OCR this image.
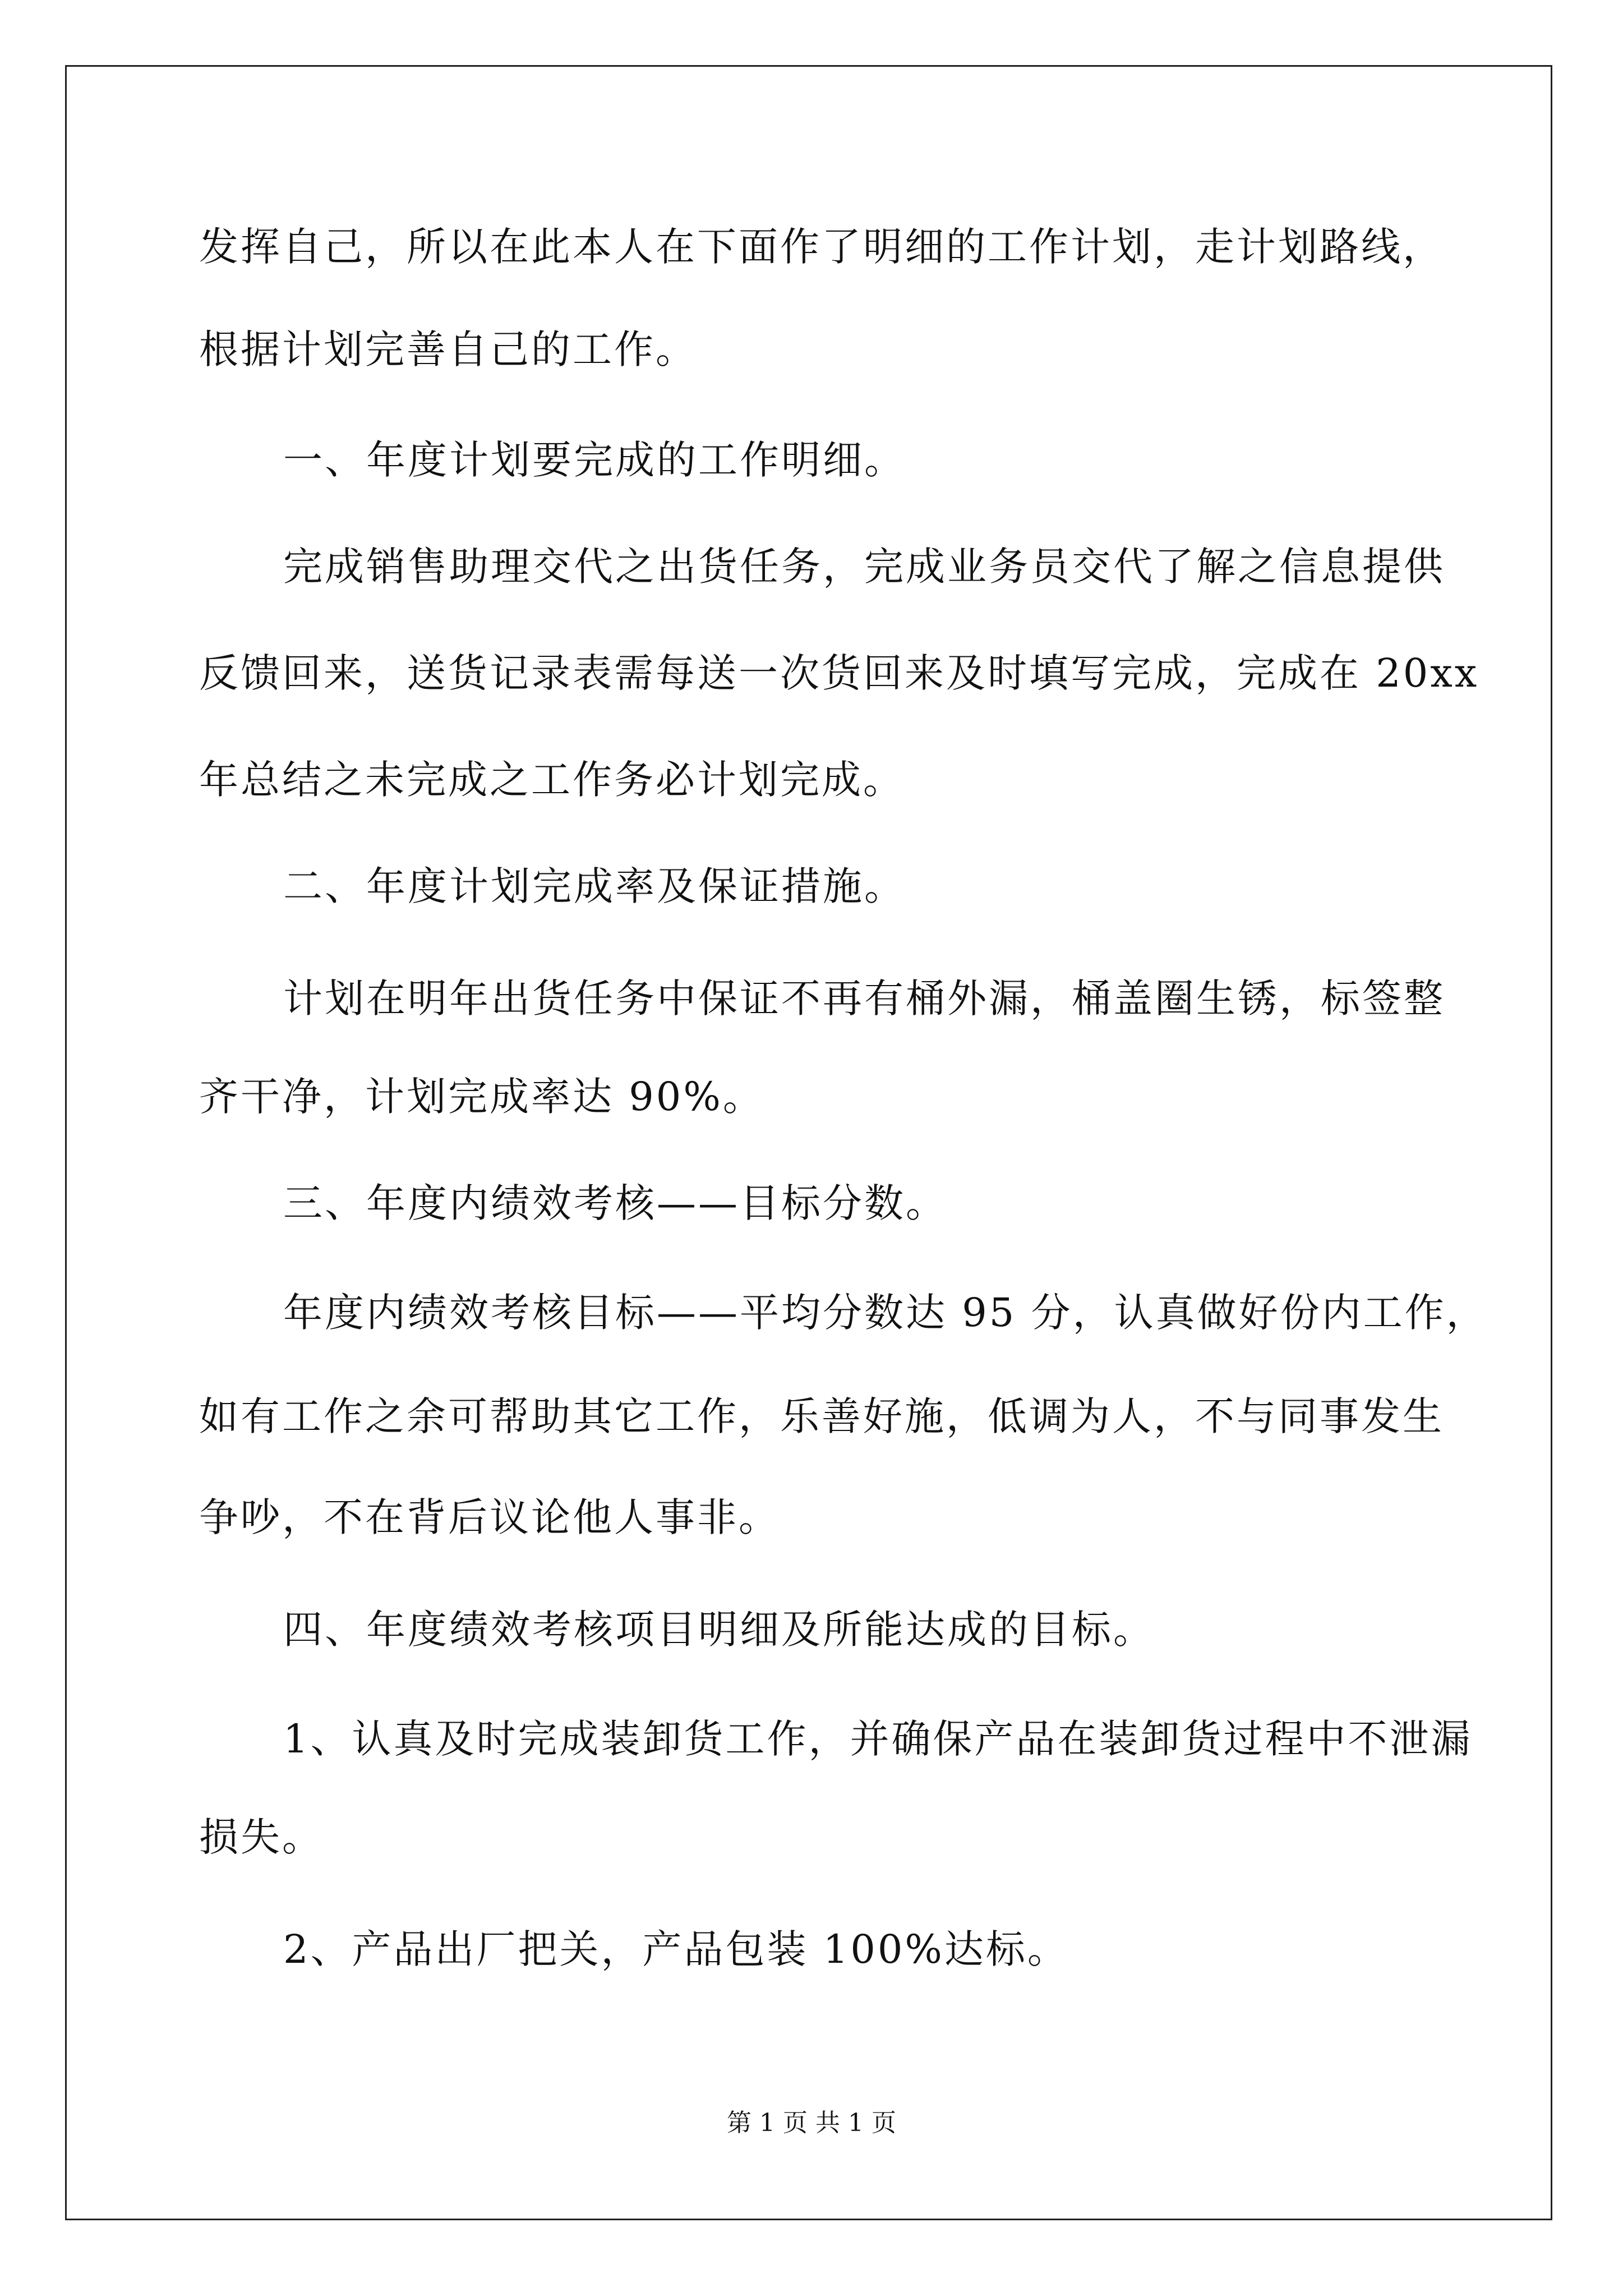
发挥自己，所以在此本人在下面作了明细的工作计划，走计划路线，
根据计划完善自己的工作。
一、年度计划要完成的工作明细。
完成销售助理交代之出货任务，完成业务员交代了解之信息提供
反馈回来，送货记录表需每送一次货回来及时填写完成，完成在 20xx
年总结之未完成之工作务必计划完成。
二、年度计划完成率及保证措施。
计划在明年出货任务中保证不再有桶外漏，桶盖圈生锈，标签整
齐干净，计划完成率达 90%。
三、年度内绩效考核——目标分数。
年度内绩效考核目标——平均分数达 95 分，认真做好份内工作，
如有工作之余可帮助其它工作，乐善好施，低调为人，不与同事发生
争吵，不在背后议论他人事非。
四、年度绩效考核项目明细及所能达成的目标。
1、认真及时完成装卸货工作，并确保产品在装卸货过程中不泄漏
损失。
2、产品出厂把关，产品包装 100%达标。
第 1 页 共 1 页
